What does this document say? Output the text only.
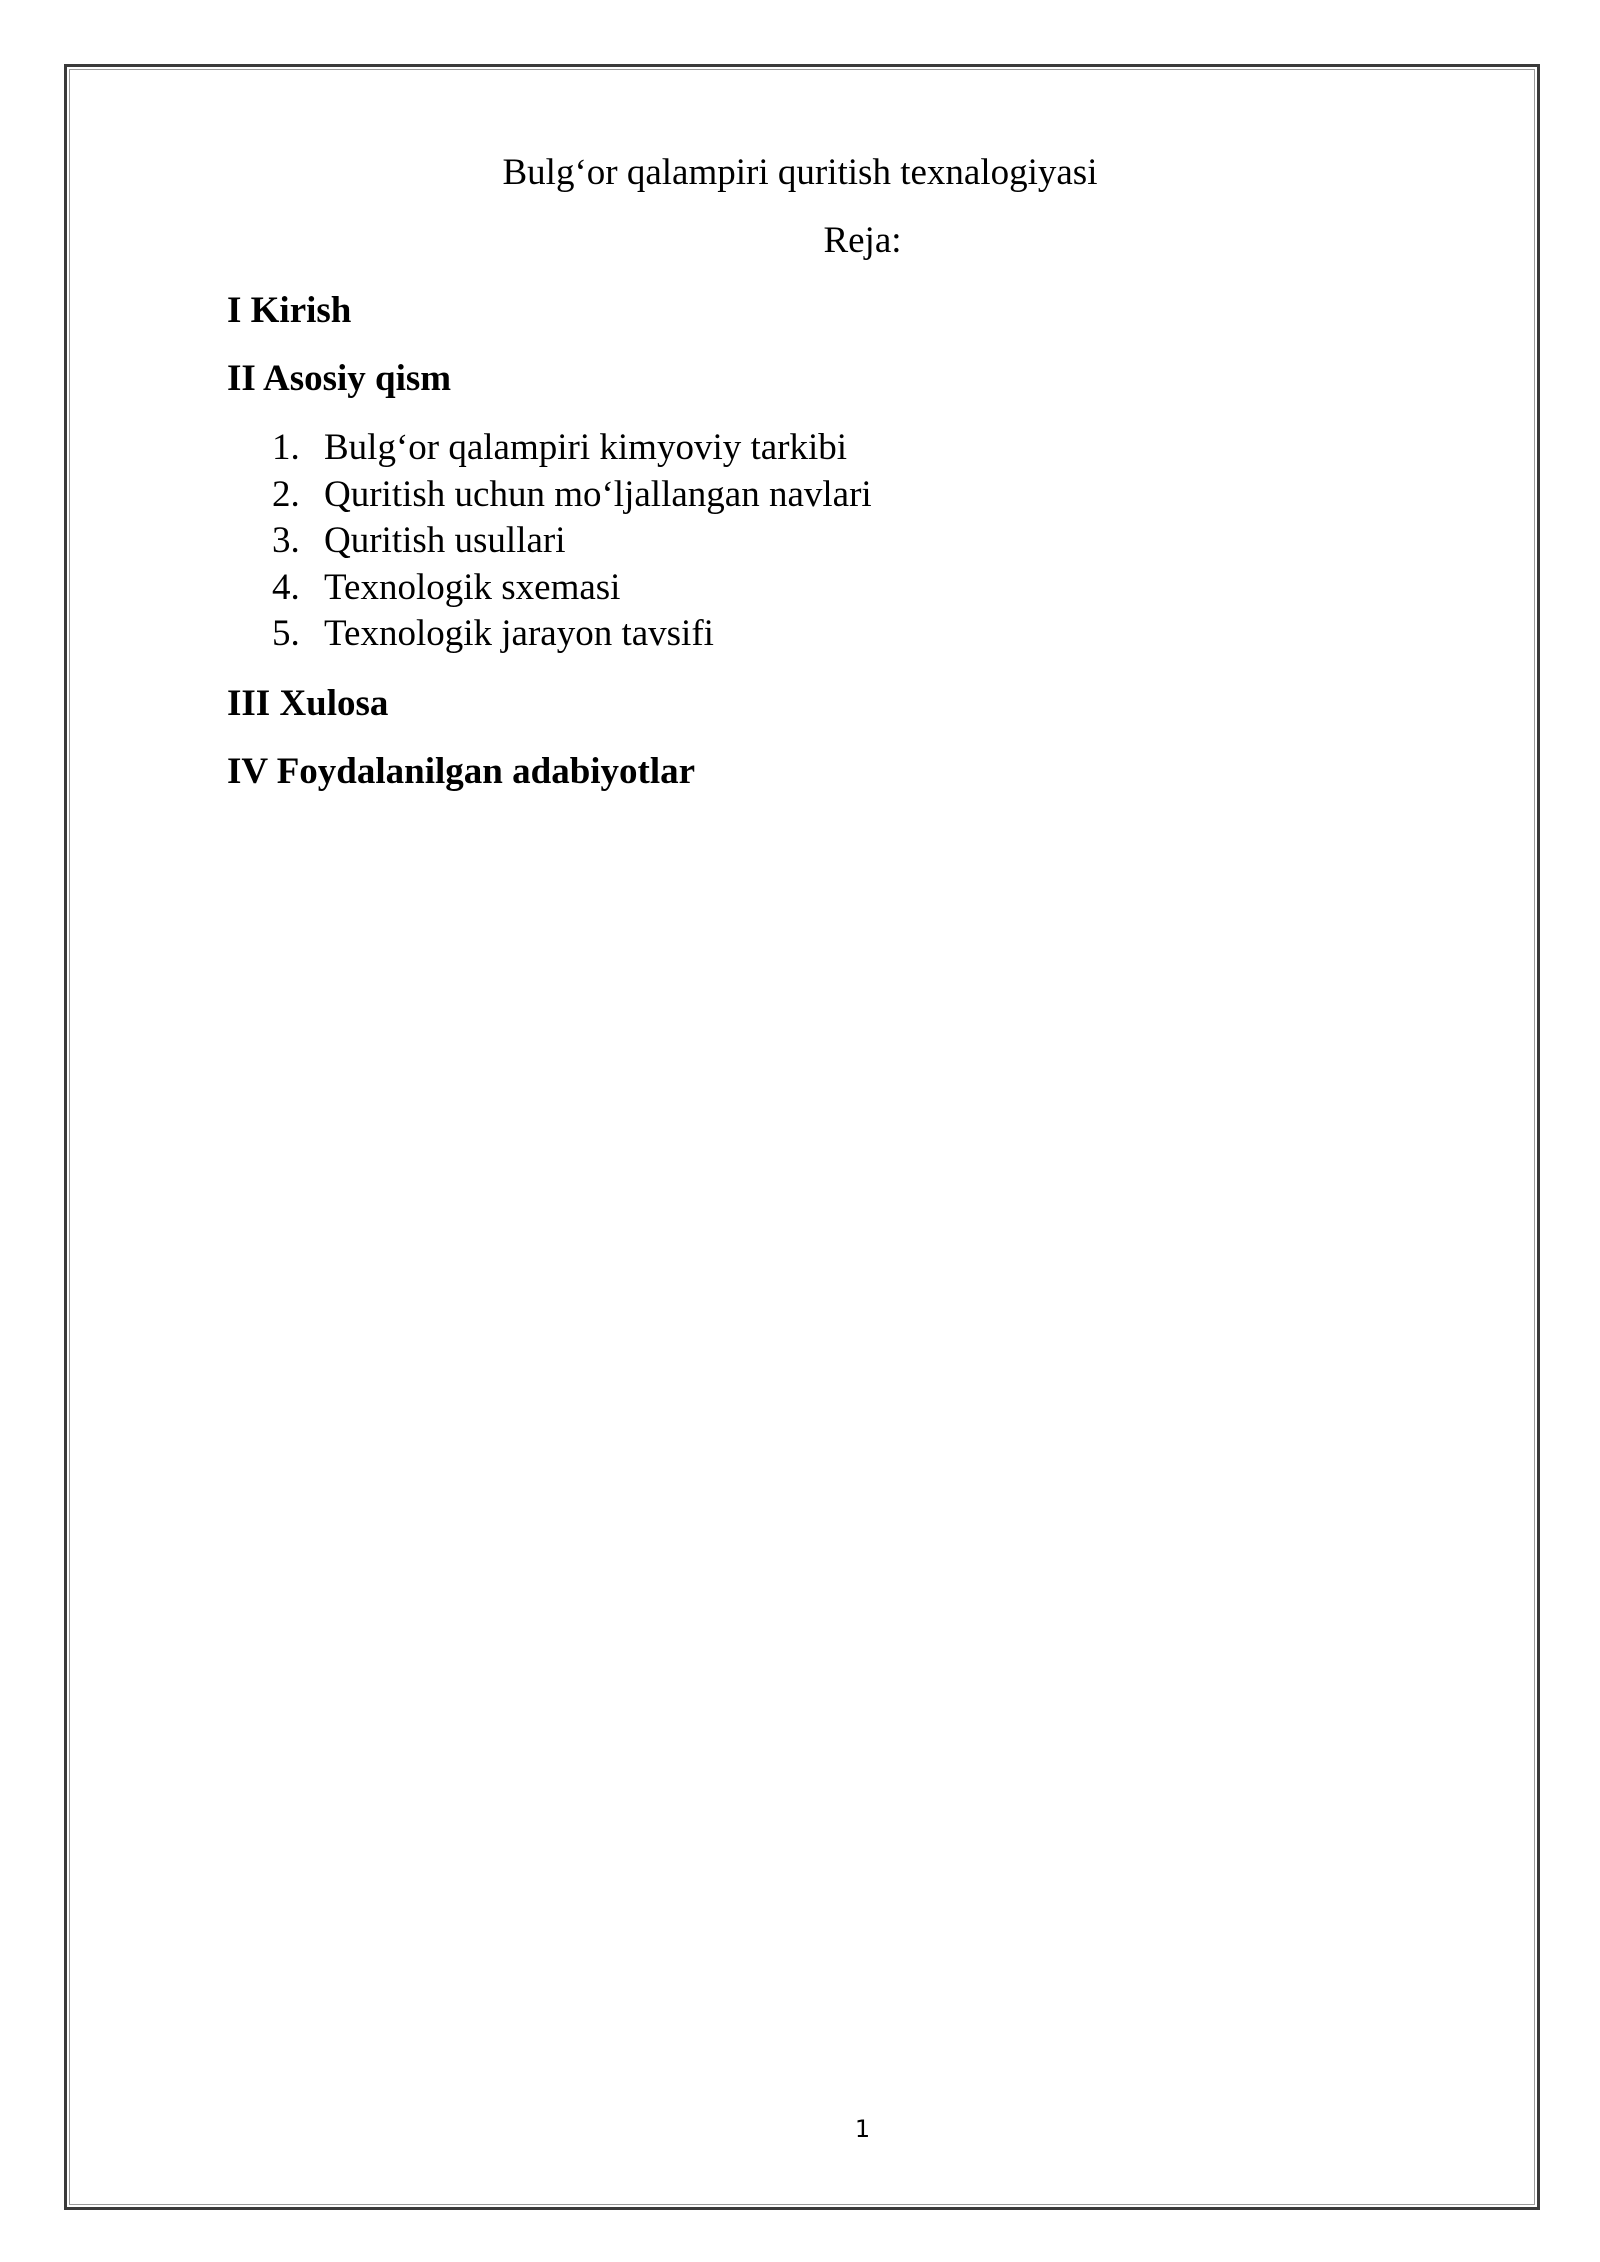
Bulg‘or qalampiri quritish texnalogiyasi
Reja:

I Kirish

II Asosiy qism

1. Bulg‘or qalampiri kimyoviy tarkibi
2. Quritish uchun mo‘ljallangan navlari
3. Quritish usullari
4. Texnologik sxemasi
5. Texnologik jarayon tavsifi

III Xulosa

IV Foydalanilgan adabiyotlar

1
